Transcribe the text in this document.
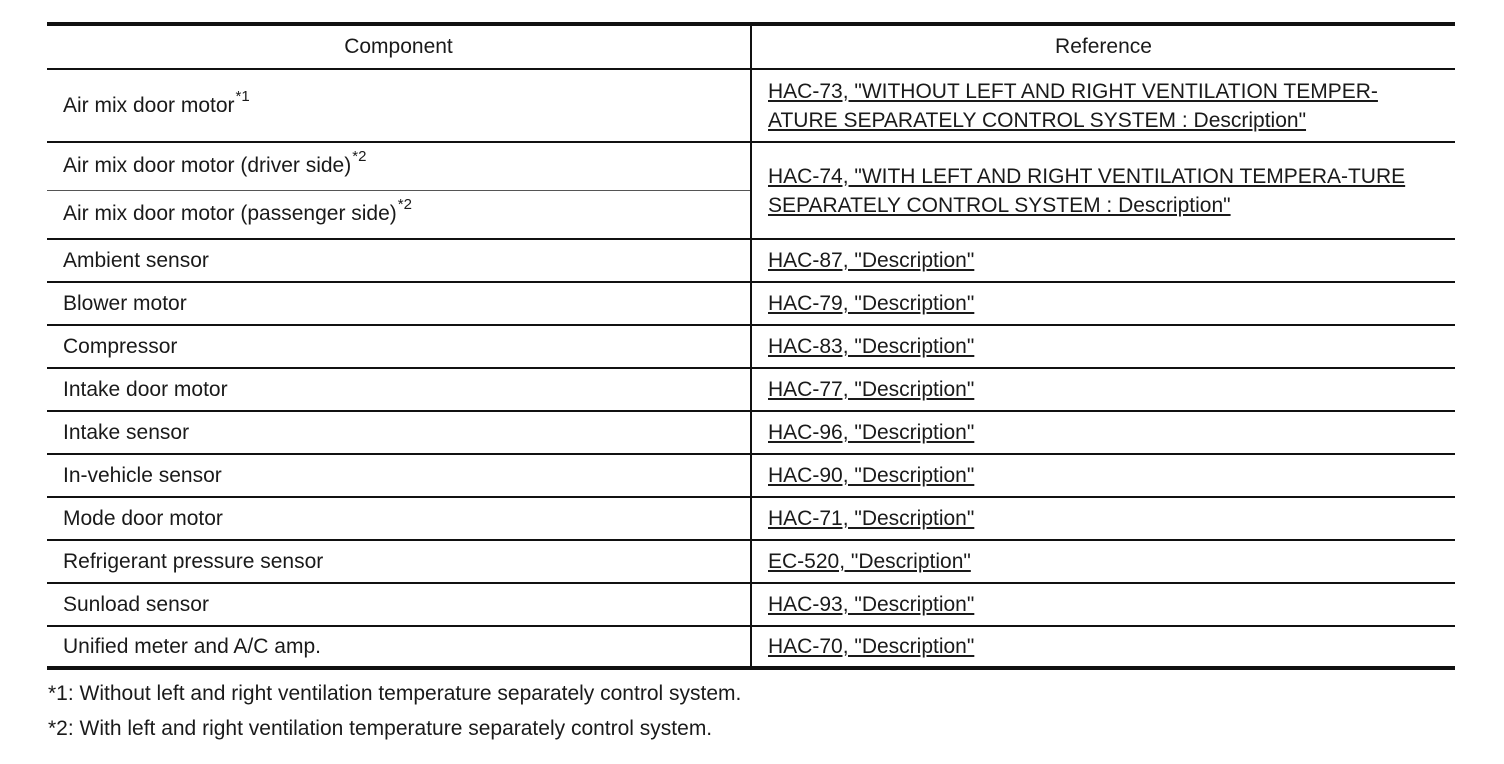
Component	Reference
Air mix door motor$^{*1}$	HAC-73, "WITHOUT LEFT AND RIGHT VENTILATION TEMPER-ATURE SEPARATELY CONTROL SYSTEM : Description"
Air mix door motor (driver side)$^{*2}$	HAC-74, "WITH LEFT AND RIGHT VENTILATION TEMPERA-TURE SEPARATELY CONTROL SYSTEM : Description"
Air mix door motor (passenger side)$^{*2}$
Ambient sensor	HAC-87, "Description"
Blower motor	HAC-79, "Description"
Compressor	HAC-83, "Description"
Intake door motor	HAC-77, "Description"
Intake sensor	HAC-96, "Description"
In-vehicle sensor	HAC-90, "Description"
Mode door motor	HAC-71, "Description"
Refrigerant pressure sensor	EC-520, "Description"
Sunload sensor	HAC-93, "Description"
Unified meter and A/C amp.	HAC-70, "Description"

*1: Without left and right ventilation temperature separately control system.

*2: With left and right ventilation temperature separately control system.
